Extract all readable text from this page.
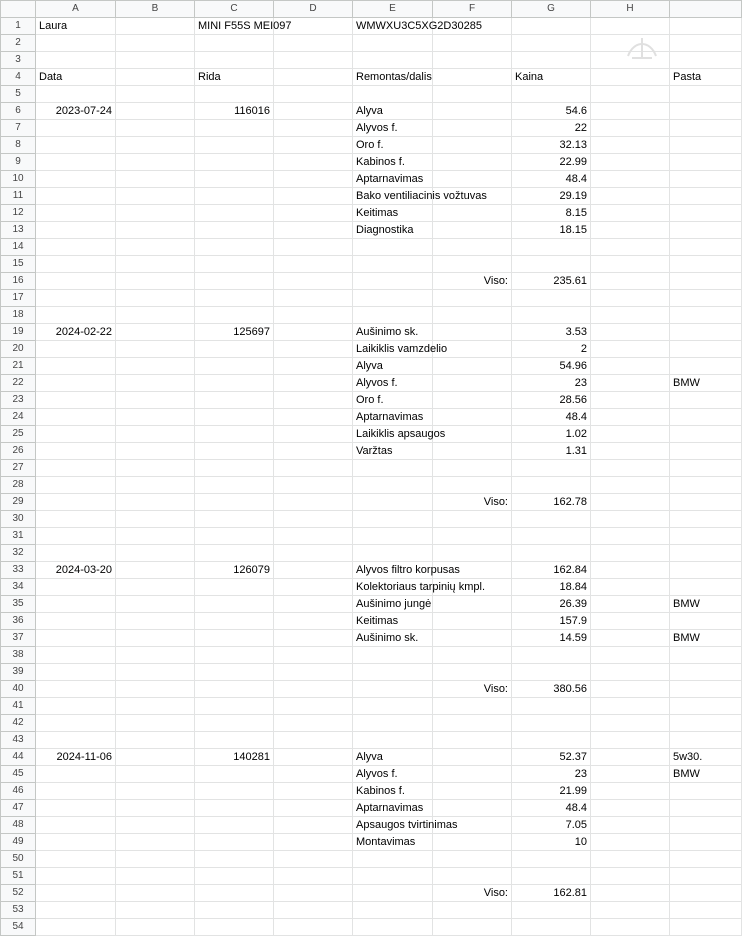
	A	B	C	D	E	F	G	H	
1	Laura		MINI F55S MEI097		WMWXU3C5XG2D30285				
2									
3									
4	Data		Rida		Remontas/dalis		Kaina		Pasta
5									
6	2023-07-24		116016		Alyva		54.6		
7					Alyvos f.		22		
8					Oro f.		32.13		
9					Kabinos f.		22.99		
10					Aptarnavimas		48.4		
11					Bako ventiliacinis vožtuvas		29.19		
12					Keitimas		8.15		
13					Diagnostika		18.15		
14									
15									
16						Viso:	235.61		
17									
18									
19	2024-02-22		125697		Aušinimo sk.		3.53		
20					Laikiklis vamzdelio		2		
21					Alyva		54.96		
22					Alyvos f.		23		BMW
23					Oro f.		28.56		
24					Aptarnavimas		48.4		
25					Laikiklis apsaugos		1.02		
26					Varžtas		1.31		
27									
28									
29						Viso:	162.78		
30									
31									
32									
33	2024-03-20		126079		Alyvos filtro korpusas		162.84		
34					Kolektoriaus tarpinių kmpl.		18.84		
35					Aušinimo jungė		26.39		BMW
36					Keitimas		157.9		
37					Aušinimo sk.		14.59		BMW
38									
39									
40						Viso:	380.56		
41									
42									
43									
44	2024-11-06		140281		Alyva		52.37		5w30.
45					Alyvos f.		23		BMW
46					Kabinos f.		21.99		
47					Aptarnavimas		48.4		
48					Apsaugos tvirtinimas		7.05		
49					Montavimas		10		
50									
51									
52						Viso:	162.81		
53									
54									
